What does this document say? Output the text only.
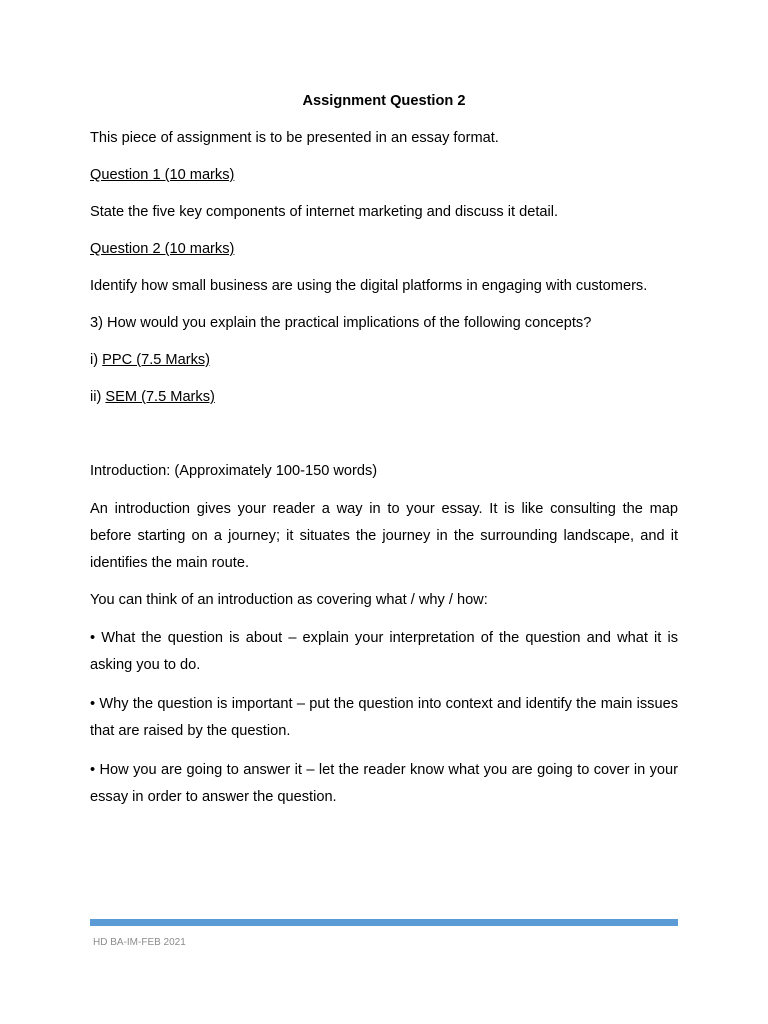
Assignment Question 2

This piece of assignment is to be presented in an essay format.

Question 1 (10 marks)

State the five key components of internet marketing and discuss it detail.

Question 2 (10 marks)

Identify how small business are using the digital platforms in engaging with customers.

3) How would you explain the practical implications of the following concepts?

i) PPC (7.5 Marks)

ii) SEM (7.5 Marks)

Introduction: (Approximately 100-150 words)

An introduction gives your reader a way in to your essay. It is like consulting the map before starting on a journey; it situates the journey in the surrounding landscape, and it identifies the main route.

You can think of an introduction as covering what / why / how:

• What the question is about – explain your interpretation of the question and what it is asking you to do.

• Why the question is important – put the question into context and identify the main issues that are raised by the question.

• How you are going to answer it – let the reader know what you are going to cover in your essay in order to answer the question.

HD BA-IM-FEB 2021
